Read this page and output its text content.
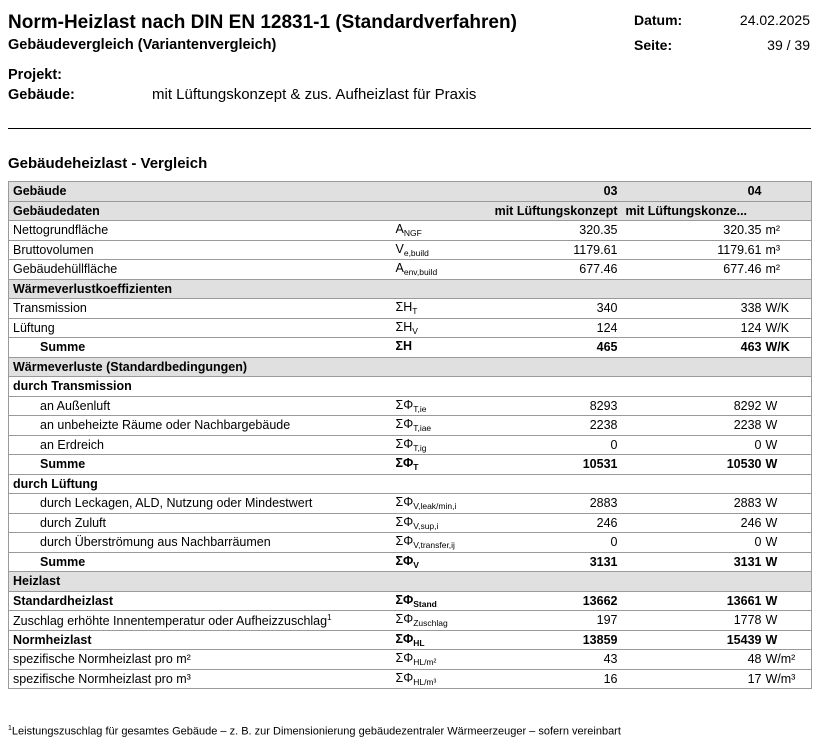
Norm-Heizlast nach DIN EN 12831-1 (Standardverfahren)
Gebäudevergleich (Variantenvergleich)
Datum:	24.02.2025
Seite:	39 / 39
Projekt:
Gebäude:	mit Lüftungskonzept & zus. Aufheizlast für Praxis
Gebäudeheizlast - Vergleich
Gebäude		03	04
Gebäudedaten		mit Lüftungskonzept	mit Lüftungskonze...
Nettogrundfläche	$A_{NGF}$	320.35	320.35 m²
Bruttovolumen	$V_{e,build}$	1179.61	1179.61 m³
Gebäudehüllfläche	$A_{env,build}$	677.46	677.46 m²
Wärmeverlustkoeffizienten			
Transmission	$\Sigma H_T$	340	338 W/K
Lüftung	$\Sigma H_V$	124	124 W/K
Summe	ΣH	465	463 W/K
Wärmeverluste (Standardbedingungen)			
durch Transmission			
an Außenluft	$\Sigma\Phi_{T,ie}$	8293	8292 W
an unbeheizte Räume oder Nachbargebäude	$\Sigma\Phi_{T,iae}$	2238	2238 W
an Erdreich	$\Sigma\Phi_{T,ig}$	0	0 W
Summe	$\Sigma\Phi_T$	10531	10530 W
durch Lüftung			
durch Leckagen, ALD, Nutzung oder Mindestwert	$\Sigma\Phi_{V,leak/min,i}$	2883	2883 W
durch Zuluft	$\Sigma\Phi_{V,sup,i}$	246	246 W
durch Überströmung aus Nachbarräumen	$\Sigma\Phi_{V,transfer,ij}$	0	0 W
Summe	$\Sigma\Phi_V$	3131	3131 W
Heizlast			
Standardheizlast	$\Sigma\Phi_{Stand}$	13662	13661 W
Zuschlag erhöhte Innentemperatur oder Aufheizzuschlag$^1$	$\Sigma\Phi_{Zuschlag}$	197	1778 W
Normheizlast	$\Sigma\Phi_{HL}$	13859	15439 W
spezifische Normheizlast pro m²	$\Sigma\Phi_{HL/m^2}$	43	48 W/m²
spezifische Normheizlast pro m³	$\Sigma\Phi_{HL/m^3}$	16	17 W/m³
$^1$Leistungszuschlag für gesamtes Gebäude – z. B. zur Dimensionierung gebäudezentraler Wärmeerzeuger – sofern vereinbart
